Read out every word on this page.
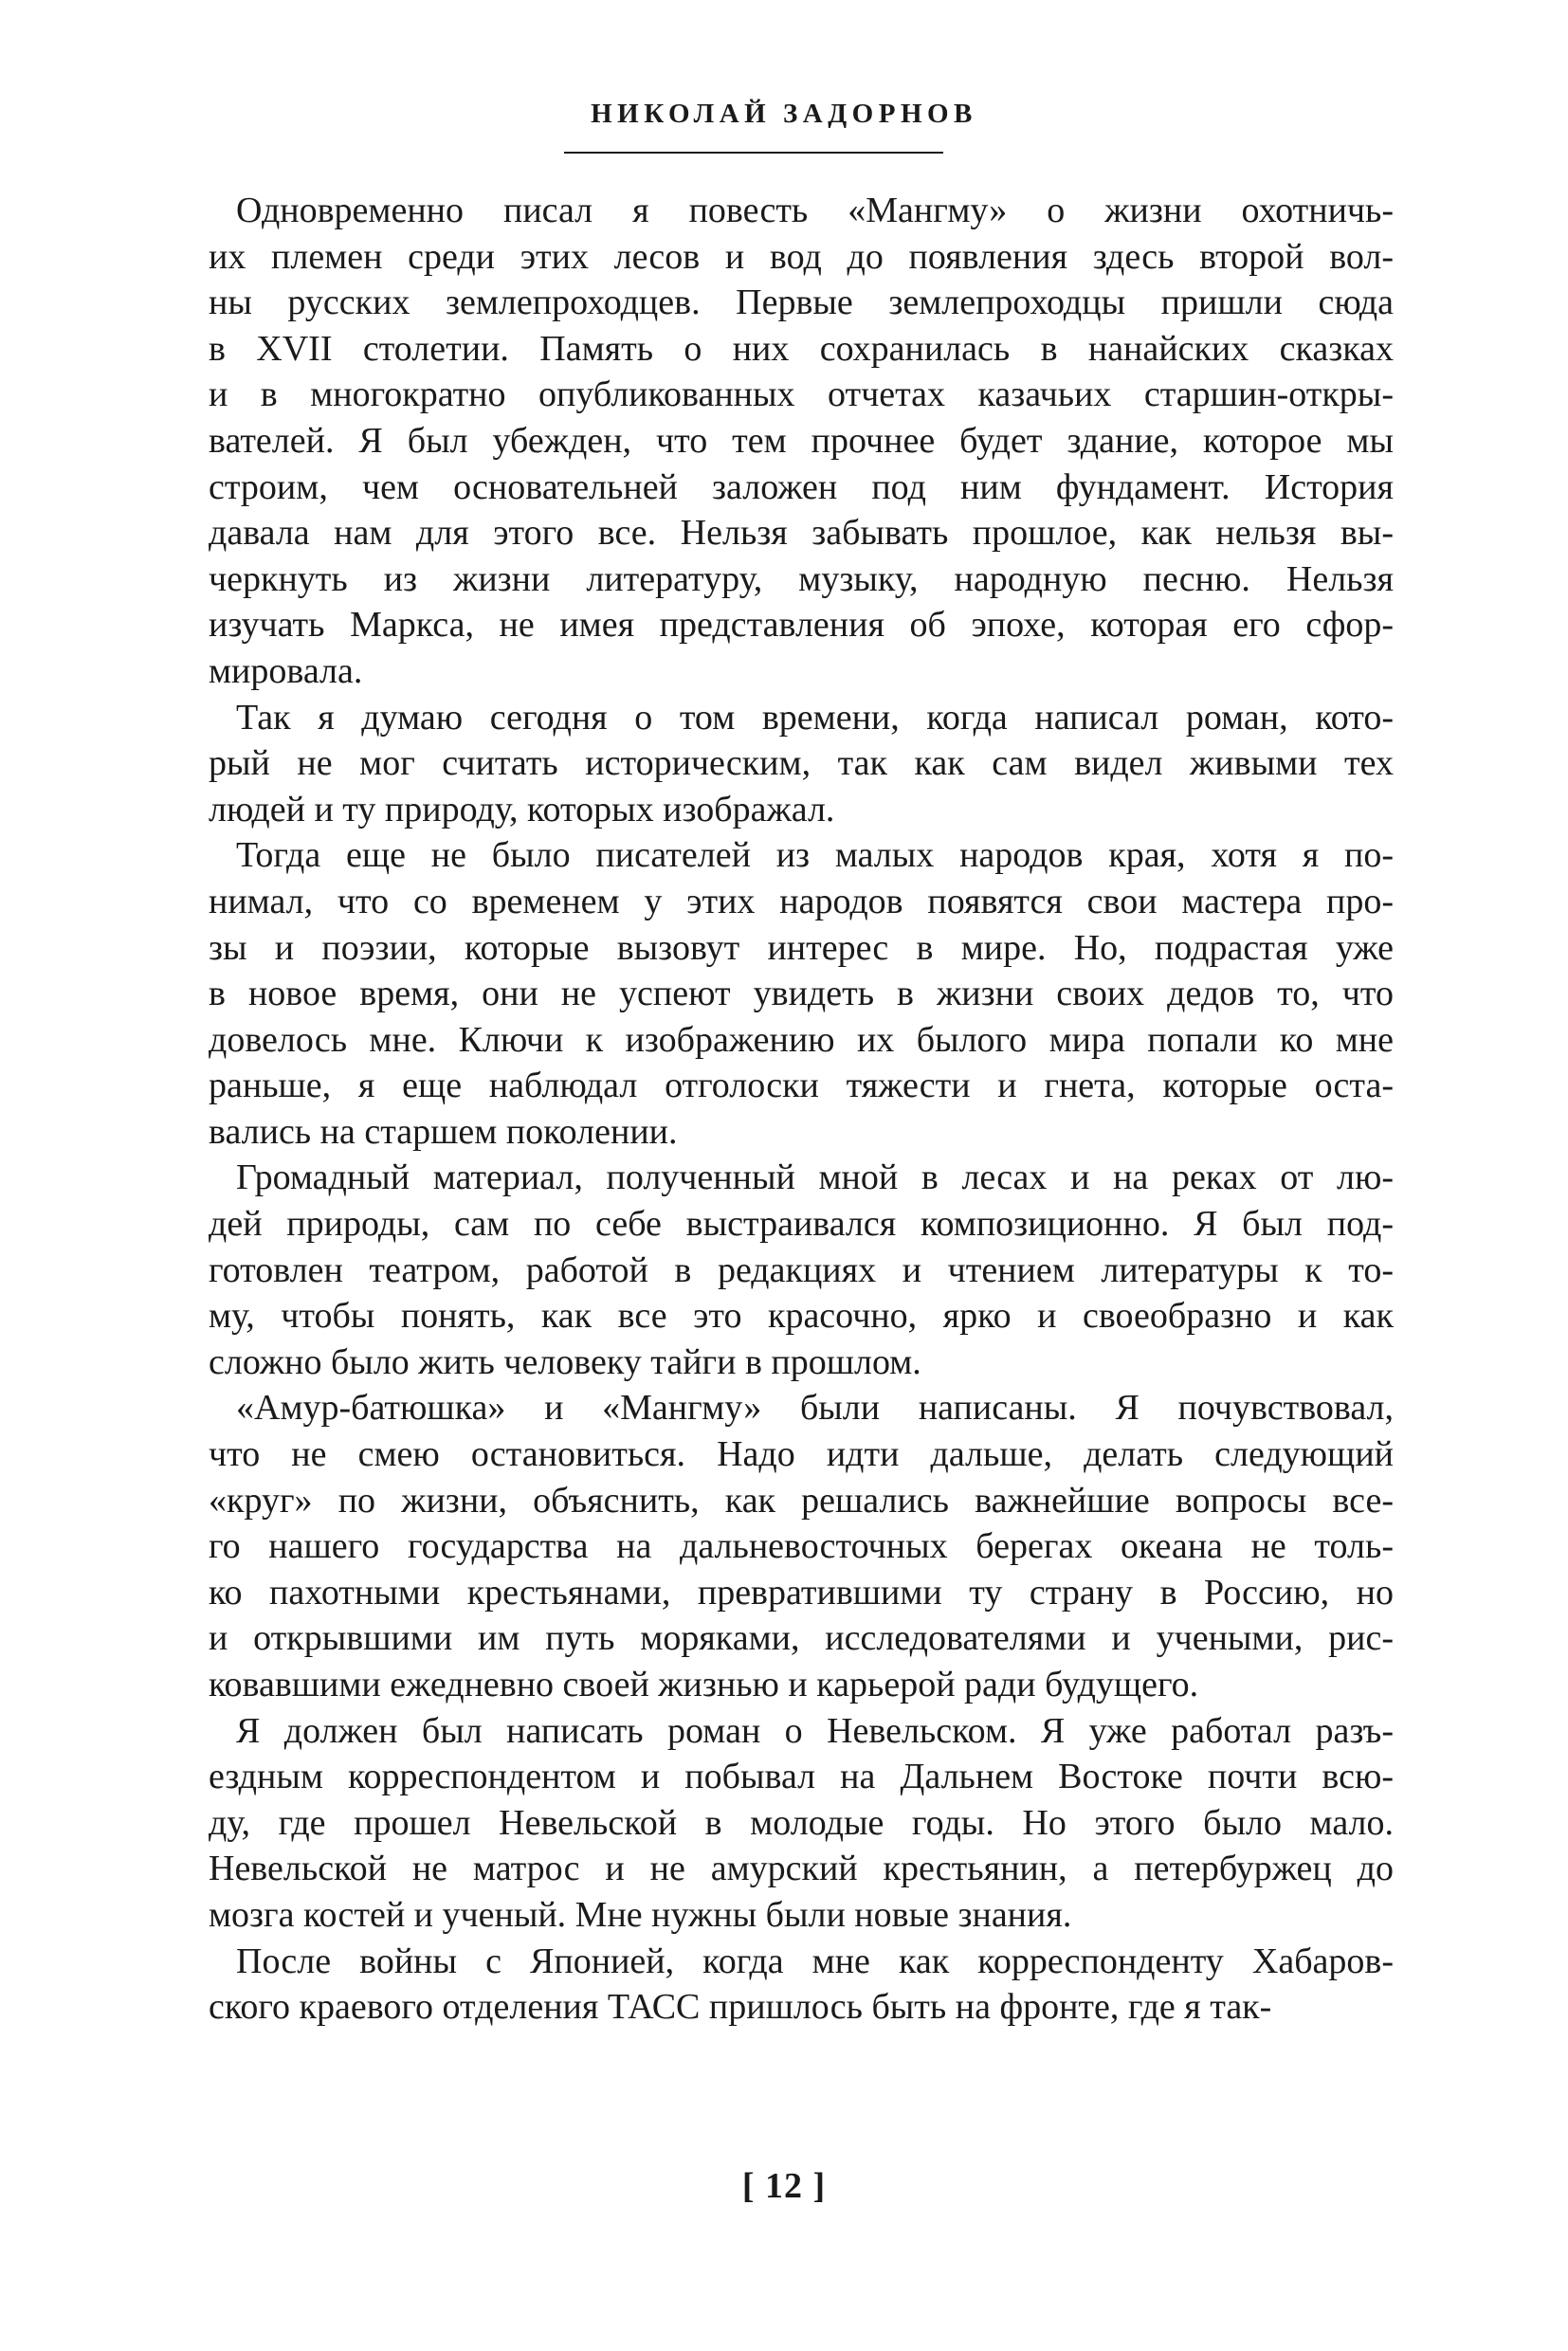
НИКОЛАЙ ЗАДОРНОВ

Одновременно писал я повесть «Мангму» о жизни охотничь-
их племен среди этих лесов и вод до появления здесь второй вол-
ны русских землепроходцев. Первые землепроходцы пришли сюда
в XVII столетии. Память о них сохранилась в нанайских сказках
и в многократно опубликованных отчетах казачьих старшин-откры-
вателей. Я был убежден, что тем прочнее будет здание, которое мы
строим, чем основательней заложен под ним фундамент. История
давала нам для этого все. Нельзя забывать прошлое, как нельзя вы-
черкнуть из жизни литературу, музыку, народную песню. Нельзя
изучать Маркса, не имея представления об эпохе, которая его сфор-
мировала.

Так я думаю сегодня о том времени, когда написал роман, кото-
рый не мог считать историческим, так как сам видел живыми тех
людей и ту природу, которых изображал.

Тогда еще не было писателей из малых народов края, хотя я по-
нимал, что со временем у этих народов появятся свои мастера про-
зы и поэзии, которые вызовут интерес в мире. Но, подрастая уже
в новое время, они не успеют увидеть в жизни своих дедов то, что
довелось мне. Ключи к изображению их былого мира попали ко мне
раньше, я еще наблюдал отголоски тяжести и гнета, которые оста-
вались на старшем поколении.

Громадный материал, полученный мной в лесах и на реках от лю-
дей природы, сам по себе выстраивался композиционно. Я был под-
готовлен театром, работой в редакциях и чтением литературы к то-
му, чтобы понять, как все это красочно, ярко и своеобразно и как
сложно было жить человеку тайги в прошлом.

«Амур-батюшка» и «Мангму» были написаны. Я почувствовал,
что не смею остановиться. Надо идти дальше, делать следующий
«круг» по жизни, объяснить, как решались важнейшие вопросы все-
го нашего государства на дальневосточных берегах океана не толь-
ко пахотными крестьянами, превратившими ту страну в Россию, но
и открывшими им путь моряками, исследователями и учеными, рис-
ковавшими ежедневно своей жизнью и карьерой ради будущего.

Я должен был написать роман о Невельском. Я уже работал разъ-
ездным корреспондентом и побывал на Дальнем Востоке почти всю-
ду, где прошел Невельской в молодые годы. Но этого было мало.
Невельской не матрос и не амурский крестьянин, а петербуржец до
мозга костей и ученый. Мне нужны были новые знания.

После войны с Японией, когда мне как корреспонденту Хабаров-
ского краевого отделения ТАСС пришлось быть на фронте, где я так-

[ 12 ]
